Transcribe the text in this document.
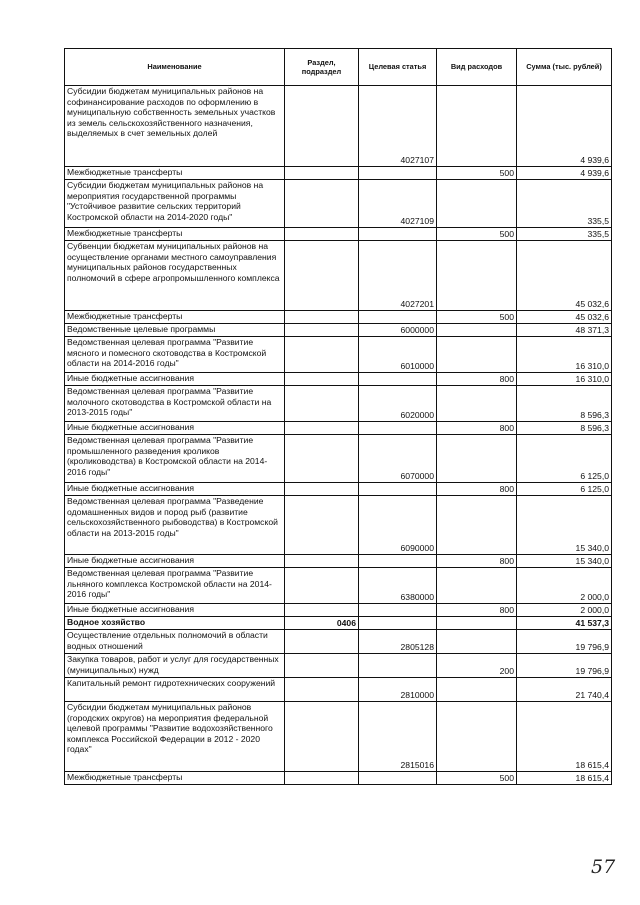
Наименование	Раздел, подраздел	Целевая статья	Вид расходов	Сумма (тыс. рублей)
Субсидии бюджетам муниципальных районов на софинансирование расходов по оформлению в муниципальную собственность земельных участков из земель сельскохозяйственного назначения, выделяемых в счет земельных долей		4027107		4 939,6
Межбюджетные трансферты			500	4 939,6
Субсидии бюджетам муниципальных районов на мероприятия государственной программы "Устойчивое развитие сельских территорий Костромской области на 2014-2020 годы"		4027109		335,5
Межбюджетные трансферты			500	335,5
Субвенции бюджетам муниципальных районов на осуществление органами местного самоуправления муниципальных районов государственных полномочий в сфере агропромышленного комплекса		4027201		45 032,6
Межбюджетные трансферты			500	45 032,6
Ведомственные целевые программы		6000000		48 371,3
Ведомственная целевая программа "Развитие мясного и помесного скотоводства в Костромской области на 2014-2016 годы"		6010000		16 310,0
Иные бюджетные ассигнования			800	16 310,0
Ведомственная целевая программа "Развитие молочного скотоводства в Костромской области на 2013-2015 годы"		6020000		8 596,3
Иные бюджетные ассигнования			800	8 596,3
Ведомственная целевая программа "Развитие промышленного разведения кроликов (кролиководства) в Костромской области на 2014-2016 годы"		6070000		6 125,0
Иные бюджетные ассигнования			800	6 125,0
Ведомственная целевая программа "Разведение одомашненных видов и пород рыб (развитие сельскохозяйственного рыбоводства) в Костромской области на 2013-2015 годы"		6090000		15 340,0
Иные бюджетные ассигнования			800	15 340,0
Ведомственная целевая программа "Развитие льняного комплекса Костромской области на 2014-2016 годы"		6380000		2 000,0
Иные бюджетные ассигнования			800	2 000,0
Водное хозяйство	0406			41 537,3
Осуществление отдельных полномочий в области водных отношений		2805128		19 796,9
Закупка товаров, работ и услуг для государственных (муниципальных) нужд			200	19 796,9
Капитальный ремонт гидротехнических сооружений		2810000		21 740,4
Субсидии бюджетам муниципальных районов (городских округов) на мероприятия федеральной целевой программы "Развитие водохозяйственного комплекса Российской Федерации в 2012 - 2020 годах"		2815016		18 615,4
Межбюджетные трансферты			500	18 615,4
57
